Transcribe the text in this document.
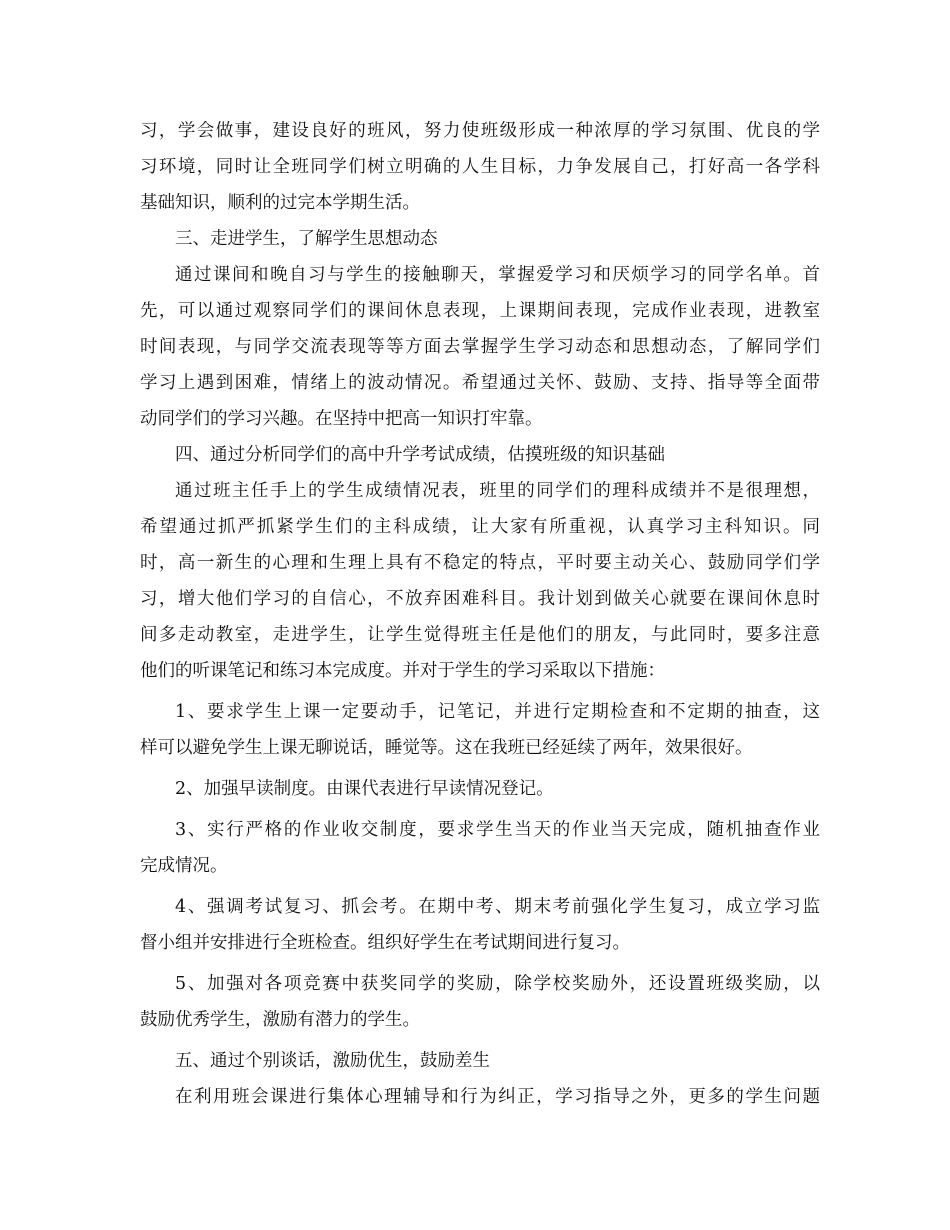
习，学会做事，建设良好的班风，努力使班级形成一种浓厚的学习氛围、优良的学
习环境，同时让全班同学们树立明确的人生目标，力争发展自己，打好高一各学科
基础知识，顺利的过完本学期生活。
三、走进学生，了解学生思想动态
通过课间和晚自习与学生的接触聊天，掌握爱学习和厌烦学习的同学名单。首
先，可以通过观察同学们的课间休息表现，上课期间表现，完成作业表现，进教室
时间表现，与同学交流表现等等方面去掌握学生学习动态和思想动态，了解同学们
学习上遇到困难，情绪上的波动情况。希望通过关怀、鼓励、支持、指导等全面带
动同学们的学习兴趣。在坚持中把高一知识打牢靠。
四、通过分析同学们的高中升学考试成绩，估摸班级的知识基础
通过班主任手上的学生成绩情况表，班里的同学们的理科成绩并不是很理想，
希望通过抓严抓紧学生们的主科成绩，让大家有所重视，认真学习主科知识。同
时，高一新生的心理和生理上具有不稳定的特点，平时要主动关心、鼓励同学们学
习，增大他们学习的自信心，不放弃困难科目。我计划到做关心就要在课间休息时
间多走动教室，走进学生，让学生觉得班主任是他们的朋友，与此同时，要多注意
他们的听课笔记和练习本完成度。并对于学生的学习采取以下措施：
1、要求学生上课一定要动手，记笔记，并进行定期检查和不定期的抽查，这
样可以避免学生上课无聊说话，睡觉等。这在我班已经延续了两年，效果很好。
2、加强早读制度。由课代表进行早读情况登记。
3、实行严格的作业收交制度，要求学生当天的作业当天完成，随机抽查作业
完成情况。
4、强调考试复习、抓会考。在期中考、期末考前强化学生复习，成立学习监
督小组并安排进行全班检查。组织好学生在考试期间进行复习。
5、加强对各项竞赛中获奖同学的奖励，除学校奖励外，还设置班级奖励，以
鼓励优秀学生，激励有潜力的学生。
五、通过个别谈话，激励优生，鼓励差生
在利用班会课进行集体心理辅导和行为纠正，学习指导之外，更多的学生问题
